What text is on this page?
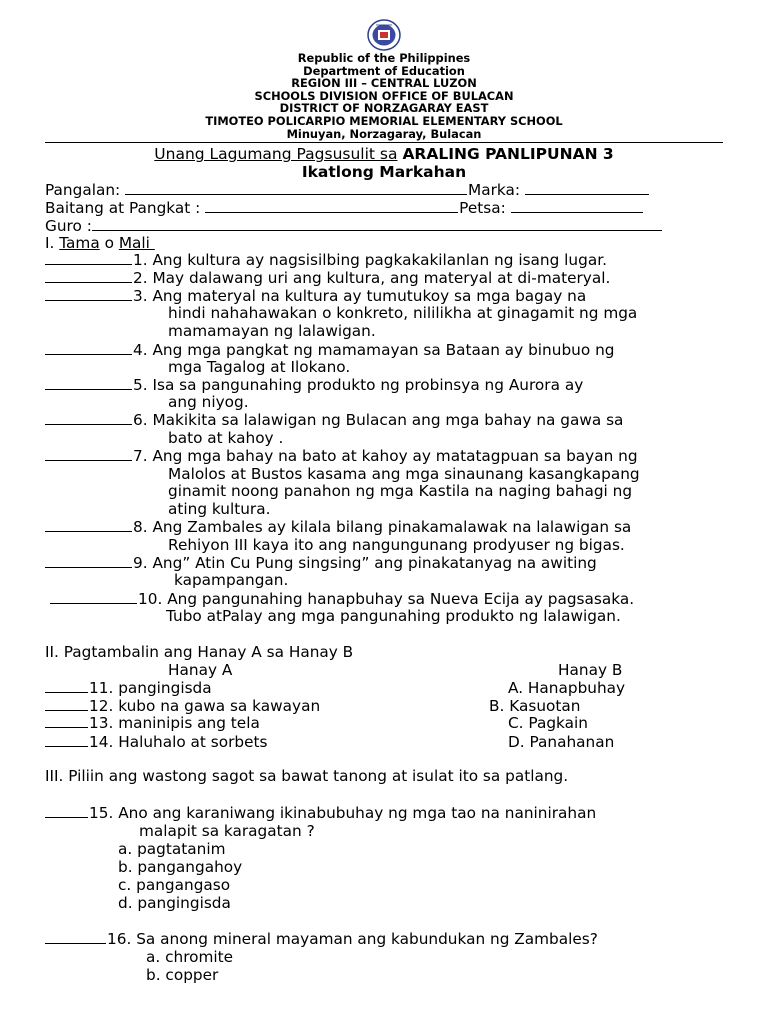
Republic of the Philippines
Department of Education
REGION III – CENTRAL LUZON
SCHOOLS DIVISION OFFICE OF BULACAN
DISTRICT OF NORZAGARAY EAST
TIMOTEO POLICARPIO MEMORIAL ELEMENTARY SCHOOL
Minuyan, Norzagaray, Bulacan
Unang Lagumang Pagsusulit sa ARALING PANLIPUNAN 3
Ikatlong Markahan
Pangalan:	Marka:
Baitang at Pangkat :	Petsa:
Guro :
I. Tama o Mali
1. Ang kultura ay nagsisilbing pagkakakilanlan ng isang lugar.
2. May dalawang uri ang kultura, ang materyal at di-materyal.
3. Ang materyal na kultura ay tumutukoy sa mga bagay na
hindi nahahawakan o konkreto, nililikha at ginagamit ng mga
mamamayan ng lalawigan.
4. Ang mga pangkat ng mamamayan sa Bataan ay binubuo ng
mga Tagalog at Ilokano.
5. Isa sa pangunahing produkto ng probinsya ng Aurora ay
ang niyog.
6. Makikita sa lalawigan ng Bulacan ang mga bahay na gawa sa
bato at kahoy .
7. Ang mga bahay na bato at kahoy ay matatagpuan sa bayan ng
Malolos at Bustos kasama ang mga sinaunang kasangkapang
ginamit noong panahon ng mga Kastila na naging bahagi ng
ating kultura.
8. Ang Zambales ay kilala bilang pinakamalawak na lalawigan sa
Rehiyon III kaya ito ang nangungunang prodyuser ng bigas.
9. Ang” Atin Cu Pung singsing” ang pinakatanyag na awiting
kapampangan.
10. Ang pangunahing hanapbuhay sa Nueva Ecija ay pagsasaka.
Tubo atPalay ang mga pangunahing produkto ng lalawigan.
II. Pagtambalin ang Hanay A sa Hanay B
Hanay A	Hanay B
11. pangingisda	A. Hanapbuhay
12. kubo na gawa sa kawayan	B. Kasuotan
13. maninipis ang tela	C. Pagkain
14. Haluhalo at sorbets	D. Panahanan
III. Piliin ang wastong sagot sa bawat tanong at isulat ito sa patlang.
15. Ano ang karaniwang ikinabubuhay ng mga tao na naninirahan
malapit sa karagatan ?
a. pagtatanim
b. pangangahoy
c. pangangaso
d. pangingisda
16. Sa anong mineral mayaman ang kabundukan ng Zambales?
a. chromite
b. copper
